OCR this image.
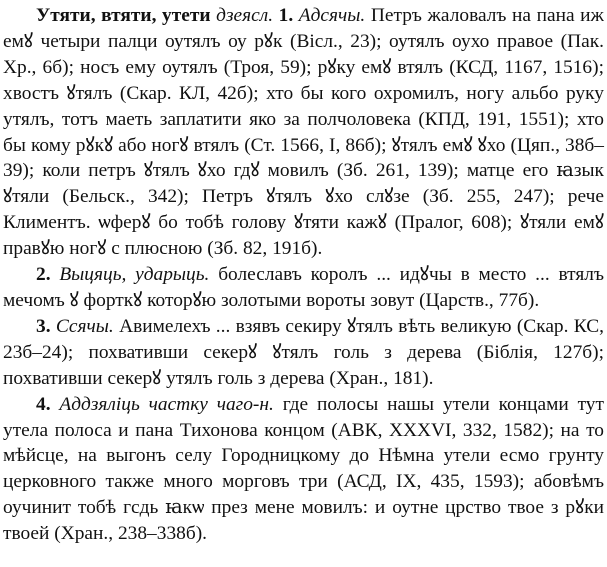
Утяти, втяти, утети дзеясл. 1. Адсячы. Петръ жаловалъ на пана иж емꙋ четыри палци оутялъ оу рꙋк (Віcл., 23); оутялъ оухо правое (Пак. Хр., 6б); носъ ему оутялъ (Троя, 59); рꙋку емꙋ втялъ (КСД, 1167, 1516); хвостъ ꙋтялъ (Скар. КЛ, 42б); хто бы кого охромилъ, ногу альбо руку утялъ, тотъ маеть заплатити яко за полчоловека (КПД, 191, 1551); хто бы кому рꙋкꙋ або ногꙋ втялъ (Ст. 1566, I, 86б); ꙋтялъ емꙋ ꙋхо (Цяп., 38б–39); коли петръ ꙋтялъ ꙋхо гдꙋ мовилъ (Зб. 261, 139); матце его ꙗзык ꙋтяли (Бельск., 342); Петръ ꙋтялъ ꙋхо слꙋзе (Зб. 255, 247); рече Климентъ. ѡферꙋ бо тобѣ голову ꙋтяти кажꙋ (Пралог, 608); ꙋтяли емꙋ правꙋю ногꙋ с плюсною (Зб. 82, 191б).

2. Выцяць, ударыць. болеславъ королъ ... идꙋчы в место ... втялъ мечомъ ꙋ форткꙋ которꙋю золотыми вороты зовут (Царств., 77б).

3. Ссячы. Авимелехъ ... взявъ секиру ꙋтялъ вѣть великую (Скар. КС, 23б–24); похвативши секерꙋ ꙋтялъ голь з дерева (Біблія, 127б); похвативши секерꙋ утялъ голь з дерева (Хран., 181).

4. Аддзяліць частку чаго-н. где полосы нашы утели концами тут утела полоса и пана Тихонова концом (АВК, XXXVI, 332, 1582); на то мѣйсце, на выгонъ селу Городницкому до Нѣмна утели есмо грунту церковного также много морговъ три (АСД, IX, 435, 1593); абовѣмъ оучинит тобѣ гсдь ꙗкѡ през мене мовилъ: и оутне црство твое з рꙋки твоей (Хран., 238–338б).
